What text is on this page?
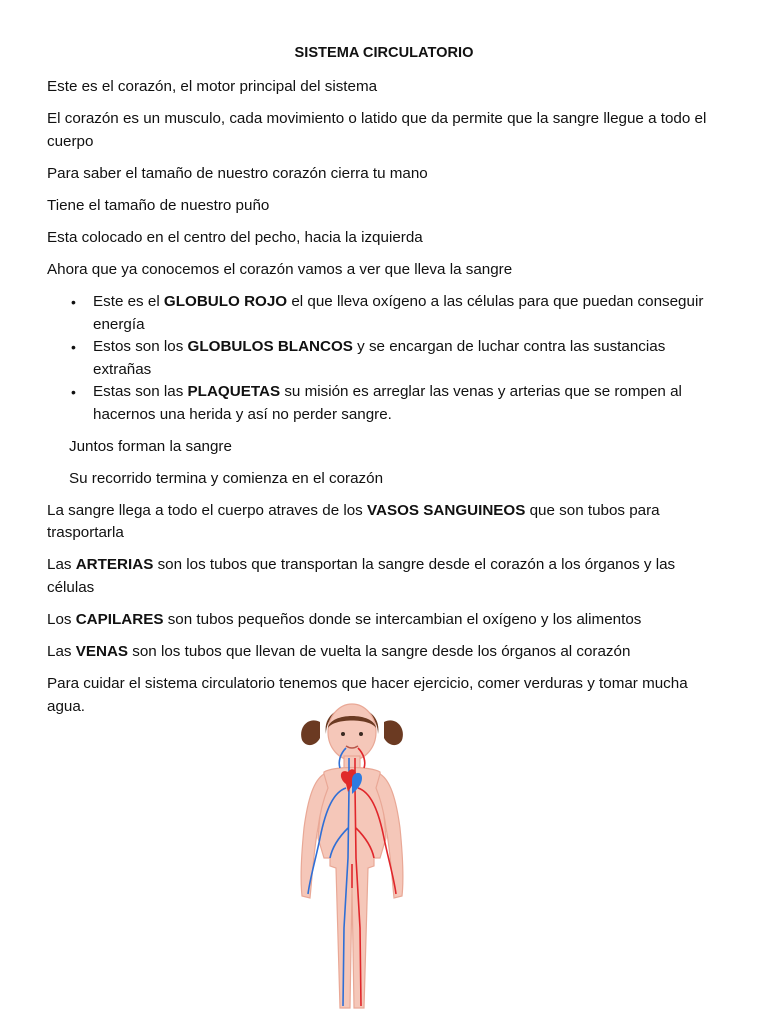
SISTEMA CIRCULATORIO

Este es el corazón, el motor principal del sistema

El corazón es un musculo, cada movimiento o latido que da permite que la sangre llegue a todo el cuerpo

Para saber el tamaño de nuestro corazón cierra tu mano

Tiene el tamaño de nuestro puño

Esta colocado en el centro del pecho, hacia la izquierda

Ahora que ya conocemos el corazón vamos a ver que lleva la sangre

• Este es el GLOBULO ROJO el que lleva oxígeno a las células para que puedan conseguir energía
• Estos son los GLOBULOS BLANCOS y se encargan de luchar contra las sustancias extrañas
• Estas son las PLAQUETAS su misión es arreglar las venas y arterias que se rompen al hacernos una herida y así no perder sangre.

Juntos forman la sangre

Su recorrido termina y comienza en el corazón

La sangre llega a todo el cuerpo atraves de los VASOS SANGUINEOS que son tubos para trasportarla

Las ARTERIAS son los tubos que transportan la sangre desde el corazón a los órganos y las células

Los CAPILARES son tubos pequeños donde se intercambian el oxígeno y los alimentos

Las VENAS son los tubos que llevan de vuelta la sangre desde los órganos al corazón

Para cuidar el sistema circulatorio tenemos que hacer ejercicio, comer verduras y tomar mucha agua.
